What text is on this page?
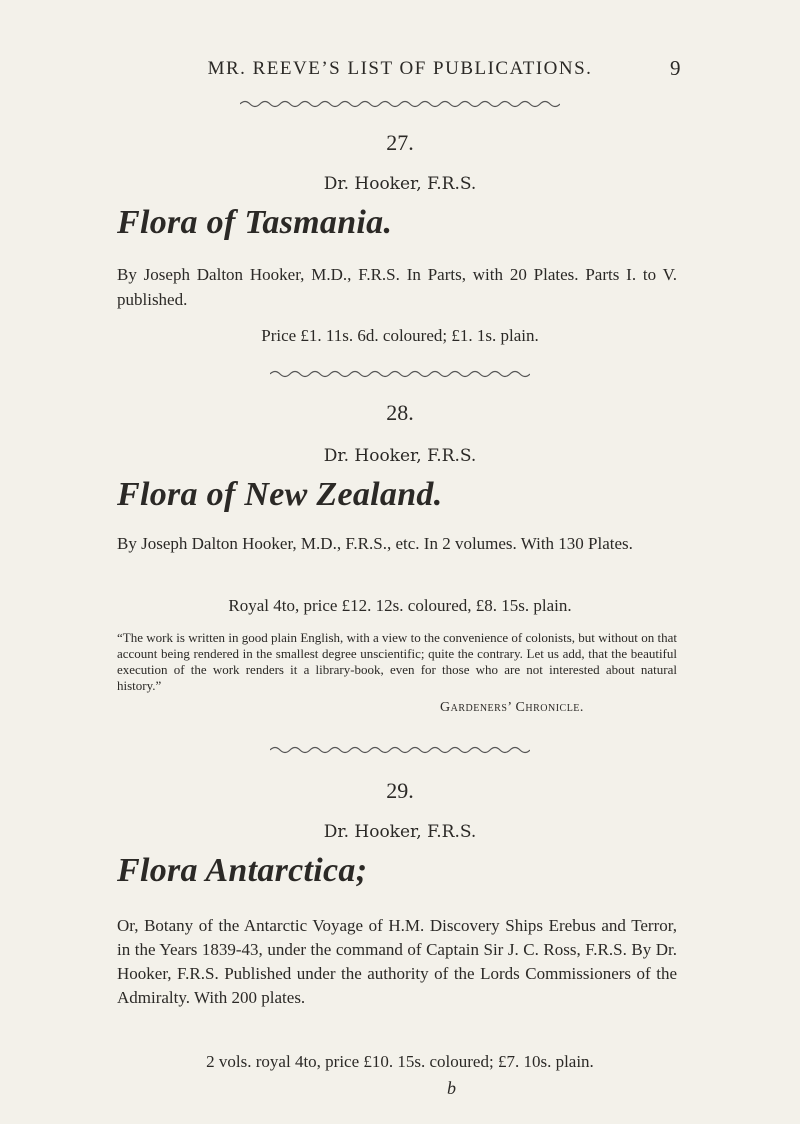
MR. REEVE’S LIST OF PUBLICATIONS.	9
27.
Dr. Hooker, F.R.S.
Flora of Tasmania.
By Joseph Dalton Hooker, M.D., F.R.S. In Parts, with 20 Plates. Parts I. to V. published.
Price £1. 11s. 6d. coloured; £1. 1s. plain.
28.
Dr. Hooker, F.R.S.
Flora of New Zealand.
By Joseph Dalton Hooker, M.D., F.R.S., etc. In 2 volumes. With 130 Plates.
Royal 4to, price £12. 12s. coloured, £8. 15s. plain.
“The work is written in good plain English, with a view to the convenience of colonists, but without on that account being rendered in the smallest degree unscientific; quite the contrary. Let us add, that the beautiful execution of the work renders it a library-book, even for those who are not interested about natural history.”
Gardeners’ Chronicle.
29.
Dr. Hooker, F.R.S.
Flora Antarctica;
Or, Botany of the Antarctic Voyage of H.M. Discovery Ships Erebus and Terror, in the Years 1839-43, under the command of Captain Sir J. C. Ross, F.R.S. By Dr. Hooker, F.R.S. Published under the authority of the Lords Commissioners of the Admiralty. With 200 plates.
2 vols. royal 4to, price £10. 15s. coloured; £7. 10s. plain.
b
